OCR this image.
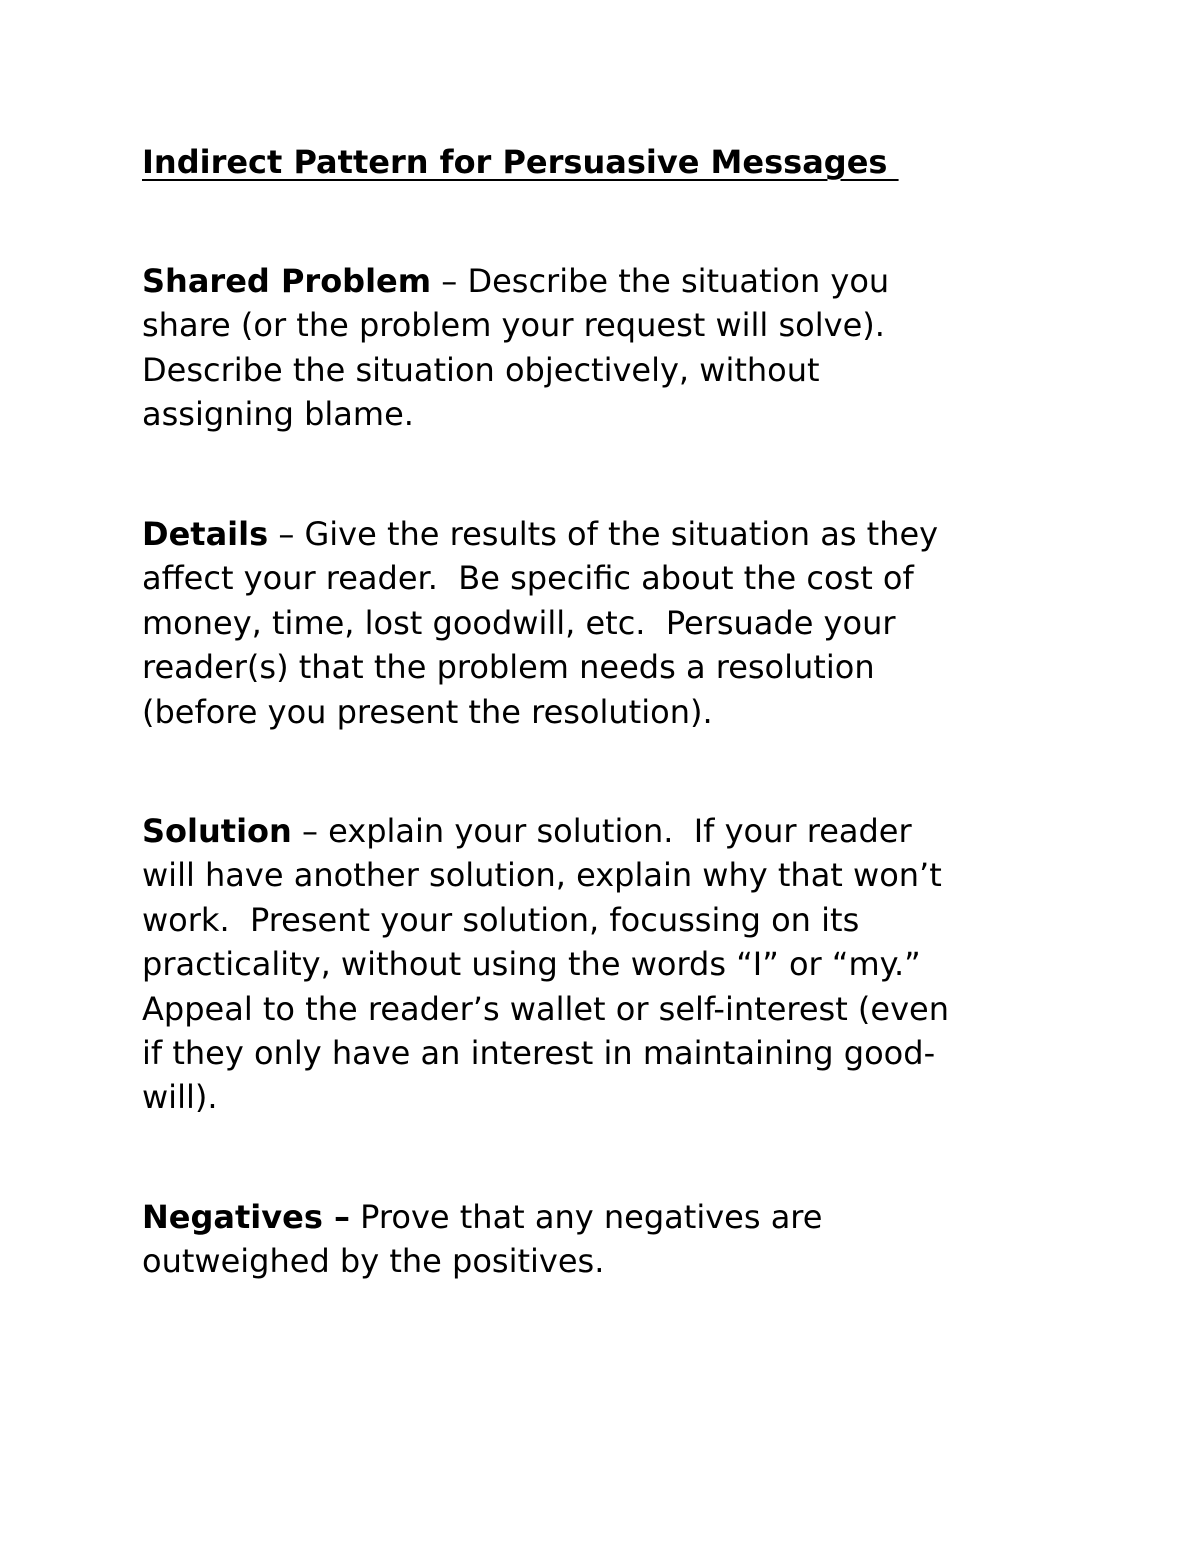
Indirect Pattern for Persuasive Messages
Shared Problem – Describe the situation you
share (or the problem your request will solve).
Describe the situation objectively, without
assigning blame.
Details – Give the results of the situation as they
affect your reader.  Be specific about the cost of
money, time, lost goodwill, etc.  Persuade your
reader(s) that the problem needs a resolution
(before you present the resolution).
Solution – explain your solution.  If your reader
will have another solution, explain why that won’t
work.  Present your solution, focussing on its
practicality, without using the words “I” or “my.”
Appeal to the reader’s wallet or self-interest (even
if they only have an interest in maintaining good-
will).
Negatives – Prove that any negatives are
outweighed by the positives.
